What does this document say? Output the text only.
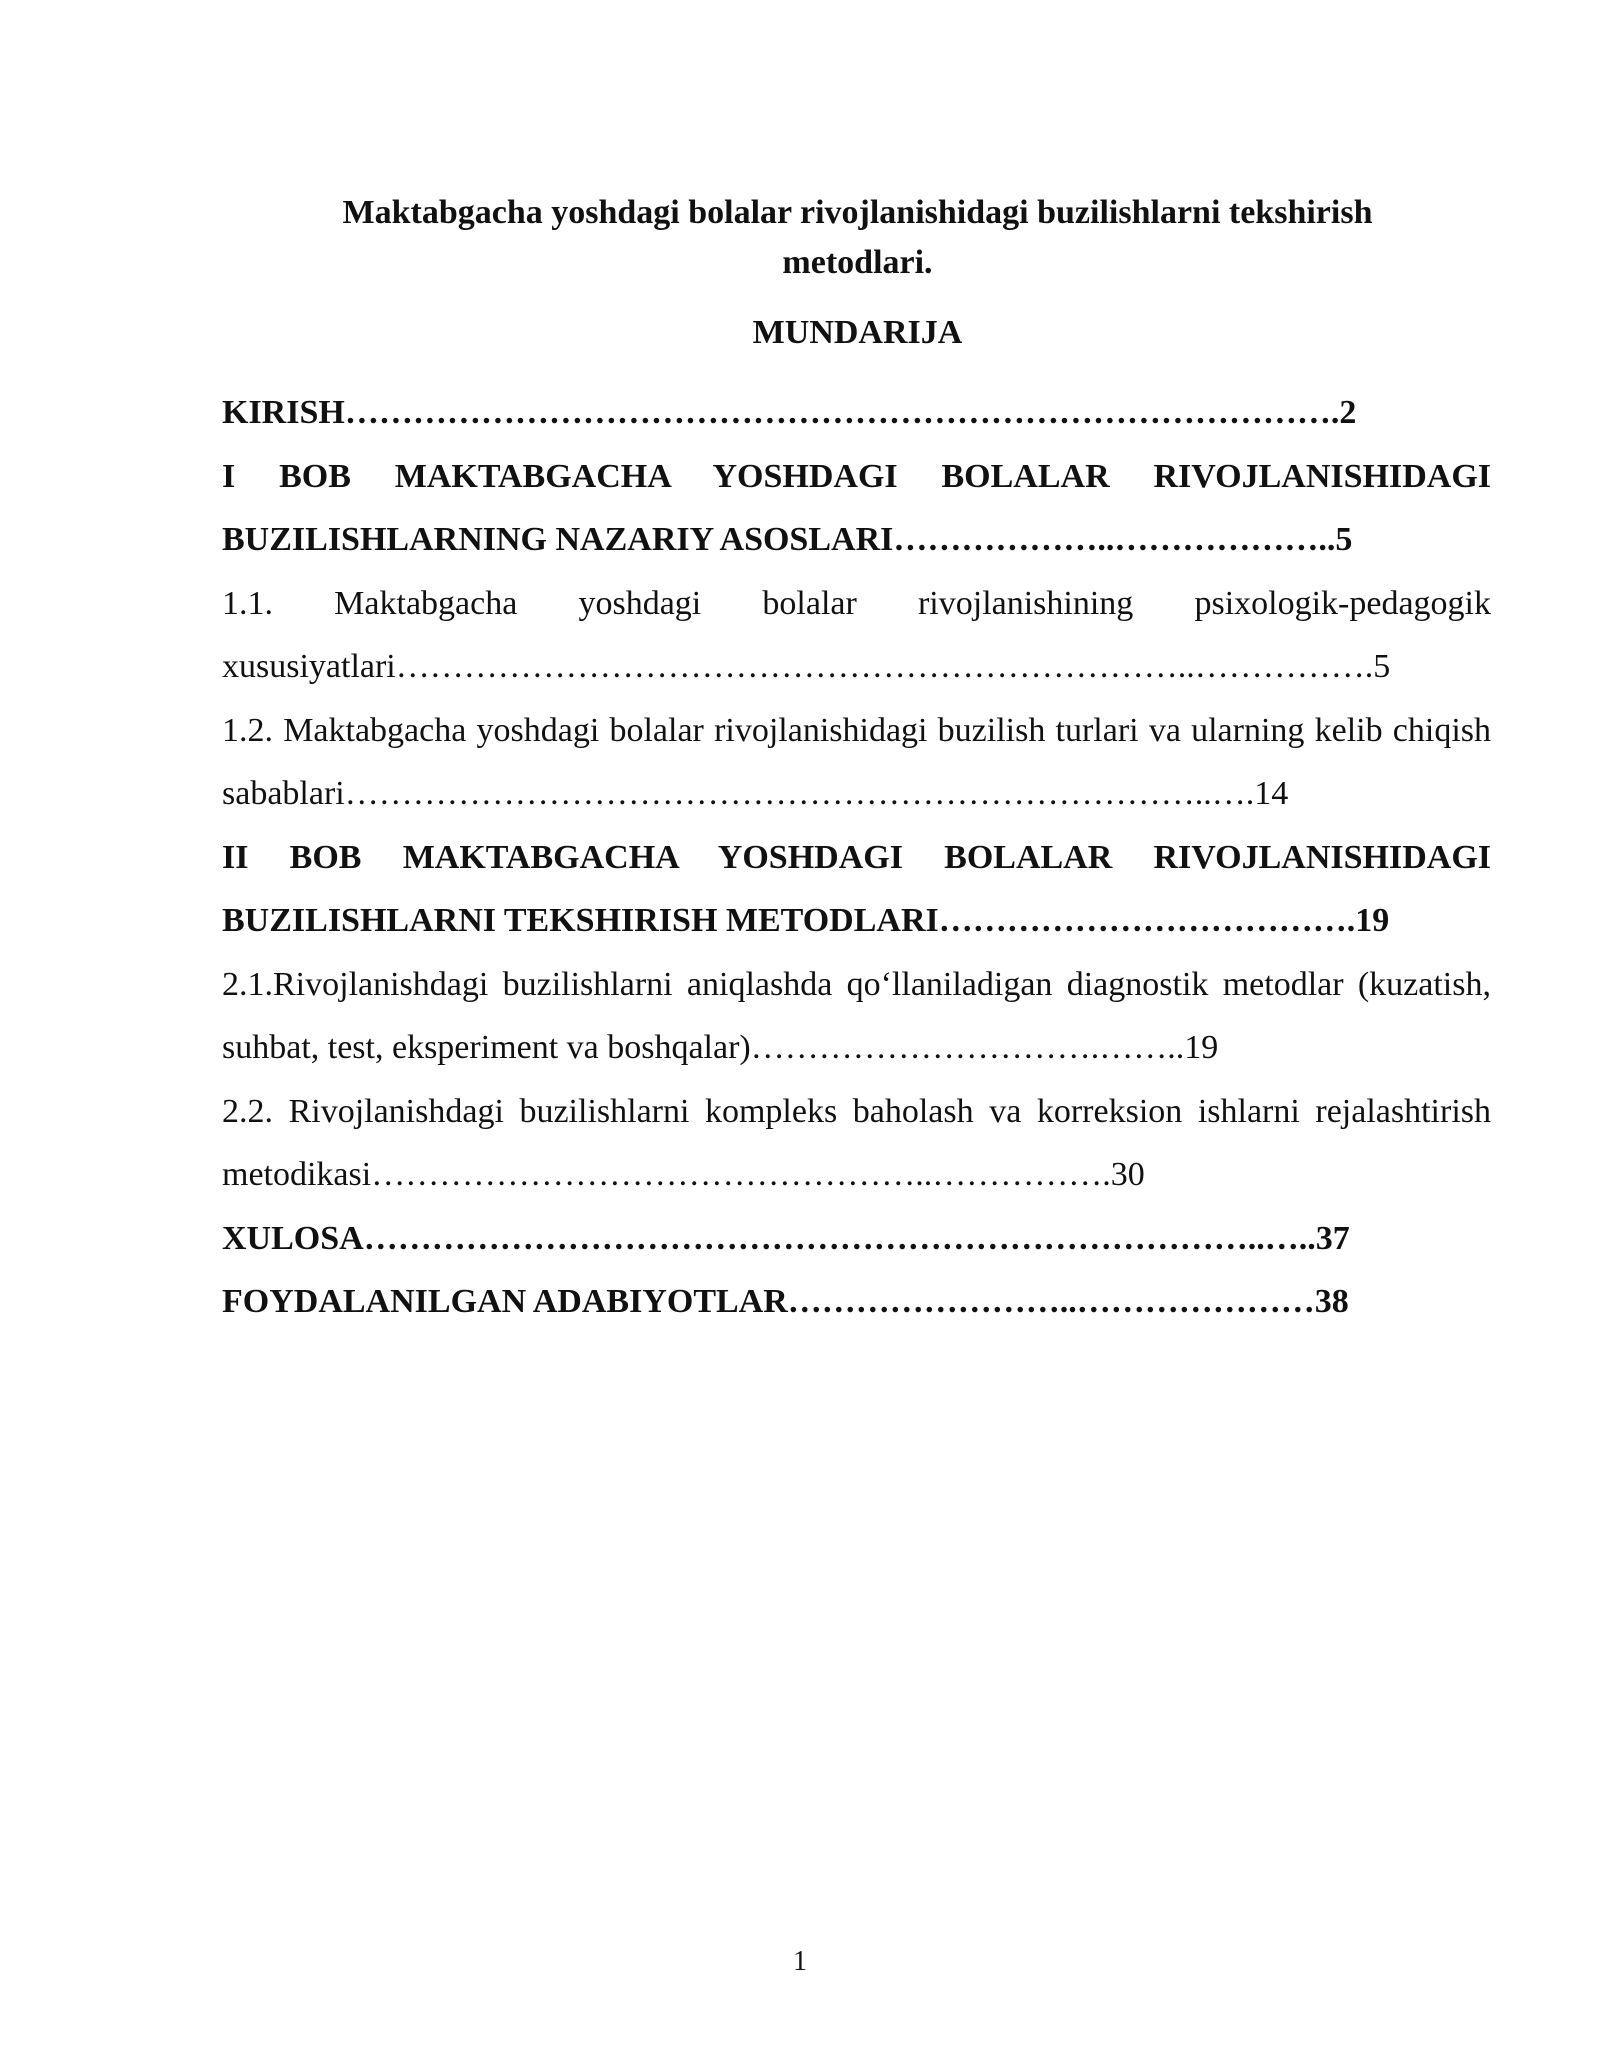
Maktabgacha yoshdagi bolalar rivojlanishidagi buzilishlarni tekshirish
metodlari.
MUNDARIJA
KIRISH…………………………………………………………………………….2
I BOB MAKTABGACHA YOSHDAGI BOLALAR RIVOJLANISHIDAGI BUZILISHLARNING NAZARIY ASOSLARI………………..………………..5
1.1. Maktabgacha yoshdagi bolalar rivojlanishining psixologik-pedagogik xususiyatlari……………………………………………………………..…………….5
1.2. Maktabgacha yoshdagi bolalar rivojlanishidagi buzilish turlari va ularning kelib chiqish sabablari…………………………………………………………………..….14
II BOB MAKTABGACHA YOSHDAGI BOLALAR RIVOJLANISHIDAGI BUZILISHLARNI TEKSHIRISH METODLARI……………………………….19
2.1.Rivojlanishdagi buzilishlarni aniqlashda qo‘llaniladigan diagnostik metodlar (kuzatish, suhbat, test, eksperiment va boshqalar)………………………….……..19
2.2. Rivojlanishdagi buzilishlarni kompleks baholash va korreksion ishlarni rejalashtirish metodikasi…………………………………………..…………….30
XULOSA……………………………………………………………………..…..37
FOYDALANILGAN ADABIYOTLAR……………………..…………………38
1
